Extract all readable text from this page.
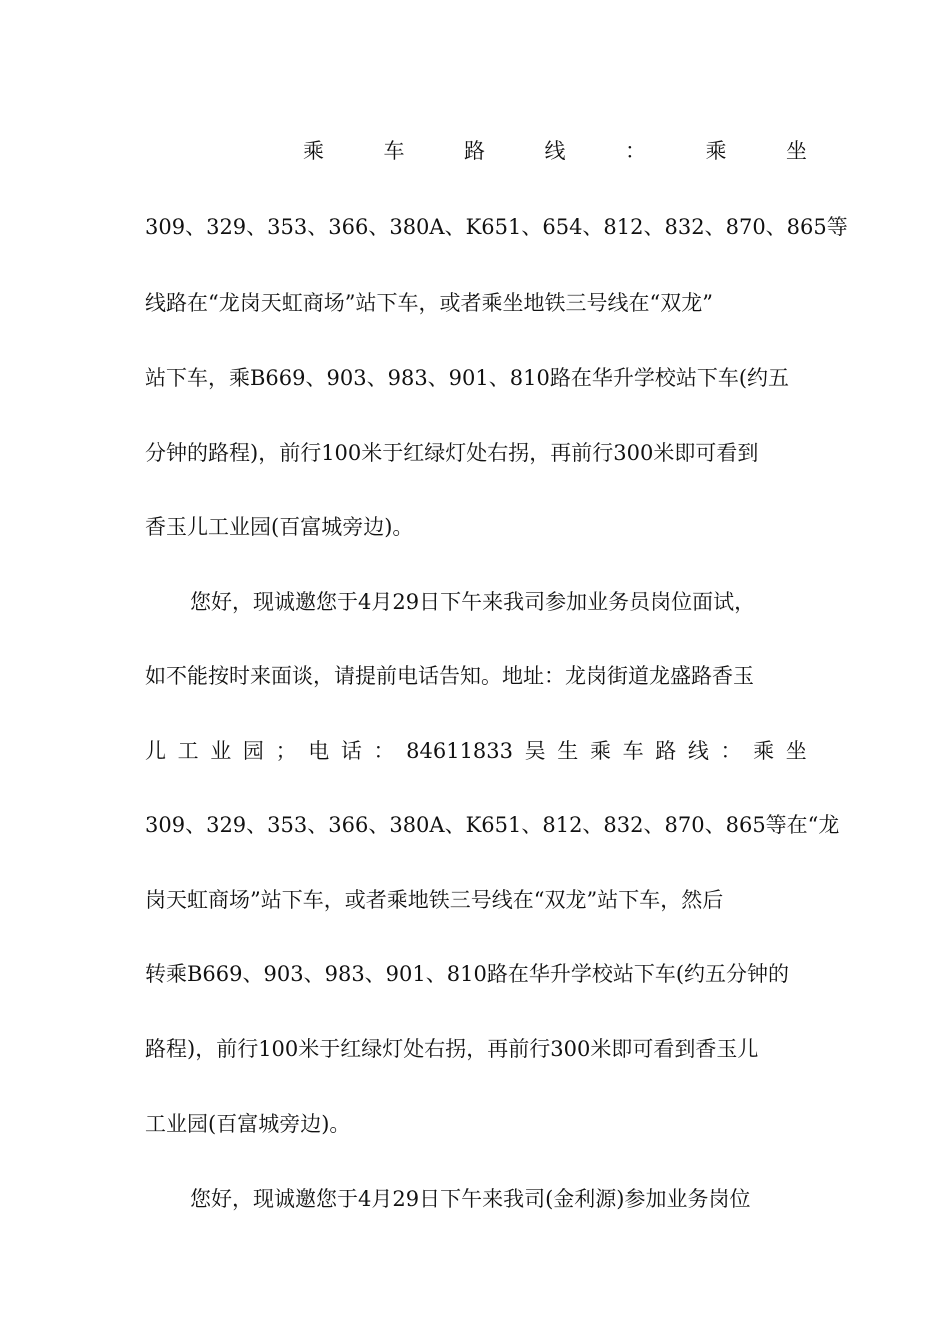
乘	车	路	线	：	乘	坐
309、329、353、366、380A、K651、654、812、832、870、865等
线路在“龙岗天虹商场”站下车，或者乘坐地铁三号线在“双龙”
站下车，乘B669、903、983、901、810路在华升学校站下车(约五
分钟的路程)，前行100米于红绿灯处右拐，再前行300米即可看到
香玉儿工业园(百富城旁边)。
您好，现诚邀您于4月29日下午来我司参加业务员岗位面试，
如不能按时来面谈，请提前电话告知。地址：龙岗街道龙盛路香玉
儿 工 业 园 ； 电 话 ： 84611833 吴 生 乘 车 路 线 ： 乘 坐
309、329、353、366、380A、K651、812、832、870、865等在“龙
岗天虹商场”站下车，或者乘地铁三号线在“双龙”站下车，然后
转乘B669、903、983、901、810路在华升学校站下车(约五分钟的
路程)，前行100米于红绿灯处右拐，再前行300米即可看到香玉儿
工业园(百富城旁边)。
您好，现诚邀您于4月29日下午来我司(金利源)参加业务岗位
